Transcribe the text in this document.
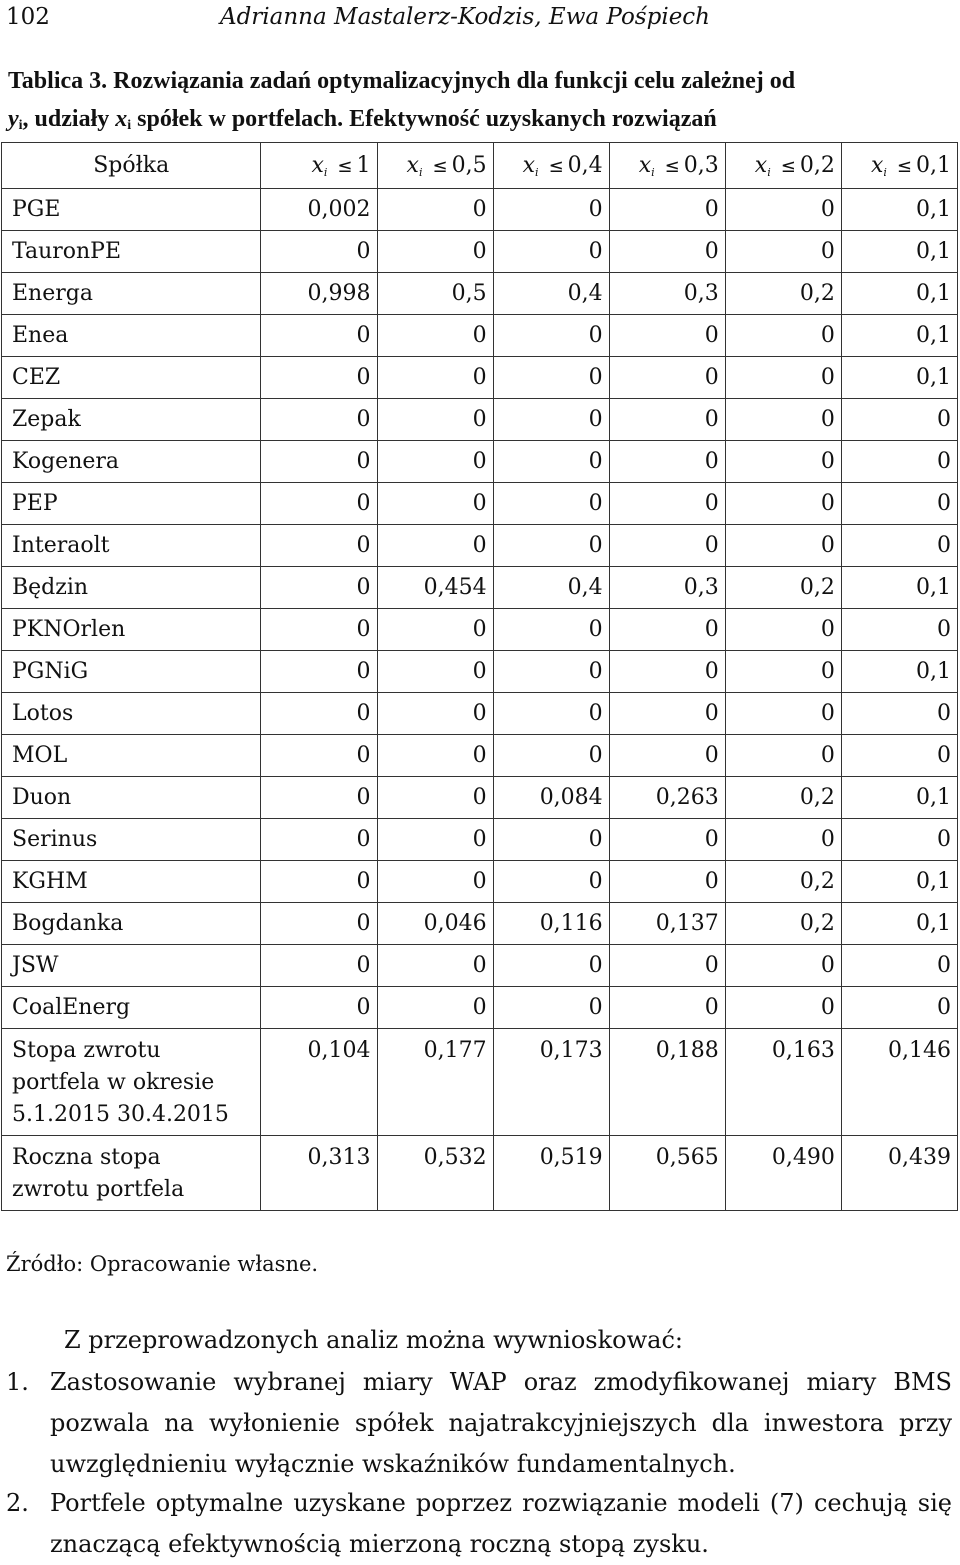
102	Adrianna Mastalerz-Kodzis, Ewa Pośpiech
Tablica 3. Rozwiązania zadań optymalizacyjnych dla funkcji celu zależnej od
$y_i$, udziały $x_i$ spółek w portfelach. Efektywność uzyskanych rozwiązań
Spółka	$x_i \le 1$	$x_i \le 0,5$	$x_i \le 0,4$	$x_i \le 0,3$	$x_i \le 0,2$	$x_i \le 0,1$
PGE	0,002	0	0	0	0	0,1
TauronPE	0	0	0	0	0	0,1
Energa	0,998	0,5	0,4	0,3	0,2	0,1
Enea	0	0	0	0	0	0,1
CEZ	0	0	0	0	0	0,1
Zepak	0	0	0	0	0	0
Kogenera	0	0	0	0	0	0
PEP	0	0	0	0	0	0
Interaolt	0	0	0	0	0	0
Będzin	0	0,454	0,4	0,3	0,2	0,1
PKNOrlen	0	0	0	0	0	0
PGNiG	0	0	0	0	0	0,1
Lotos	0	0	0	0	0	0
MOL	0	0	0	0	0	0
Duon	0	0	0,084	0,263	0,2	0,1
Serinus	0	0	0	0	0	0
KGHM	0	0	0	0	0,2	0,1
Bogdanka	0	0,046	0,116	0,137	0,2	0,1
JSW	0	0	0	0	0	0
CoalEnerg	0	0	0	0	0	0

Stopa zwrotu
portfela w okresie
5.1.2015 30.4.2015	0,104	0,177	0,173	0,188	0,163	0,146

Roczna stopa
zwrotu portfela	0,313	0,532	0,519	0,565	0,490	0,439
Źródło: Opracowanie własne.
Z przeprowadzonych analiz można wywnioskować:
1. Zastosowanie wybranej miary WAP oraz zmodyfikowanej miary BMS pozwala na wyłonienie spółek najatrakcyjniejszych dla inwestora przy uwzględnieniu wyłącznie wskaźników fundamentalnych.
2. Portfele optymalne uzyskane poprzez rozwiązanie modeli (7) cechują się znaczącą efektywnością mierzoną roczną stopą zysku.
